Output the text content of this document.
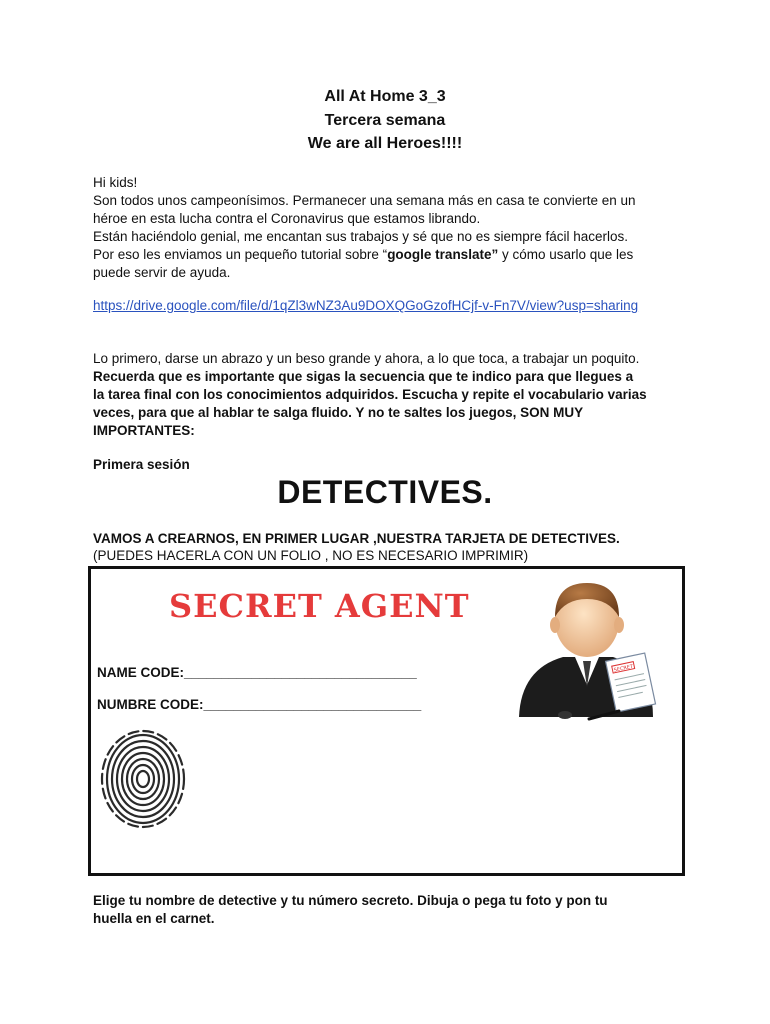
All At Home 3_3
Tercera semana
We are all Heroes!!!!
Hi kids!
Son todos unos campeonísimos. Permanecer una semana más en casa te convierte en un
héroe en esta lucha contra el Coronavirus que estamos librando.
Están haciéndolo genial, me encantan sus trabajos y sé que no es siempre fácil hacerlos.
Por eso les enviamos un pequeño tutorial sobre “google translate” y cómo usarlo que les
puede servir de ayuda.
https://drive.google.com/file/d/1qZl3wNZ3Au9DOXQGoGzofHCjf-v-Fn7V/view?usp=sharing
Lo primero, darse un abrazo y un beso grande y ahora, a lo que toca, a trabajar un poquito.
Recuerda que es importante que sigas la secuencia que te indico para que llegues a
la tarea final con los conocimientos adquiridos. Escucha y repite el vocabulario varias
veces, para que al hablar te salga fluido. Y no te saltes los juegos, SON MUY
IMPORTANTES:
Primera sesión
DETECTIVES.
VAMOS A CREARNOS, EN PRIMER LUGAR ,NUESTRA TARJETA DE DETECTIVES.
(PUEDES HACERLA CON UN FOLIO , NO ES NECESARIO IMPRIMIR)
SECRET AGENT
NAME CODE:_______________________________
NUMBRE CODE:_____________________________
SECRET
Elige tu nombre de detective y tu número secreto. Dibuja o pega tu foto y pon tu
huella en el carnet.
